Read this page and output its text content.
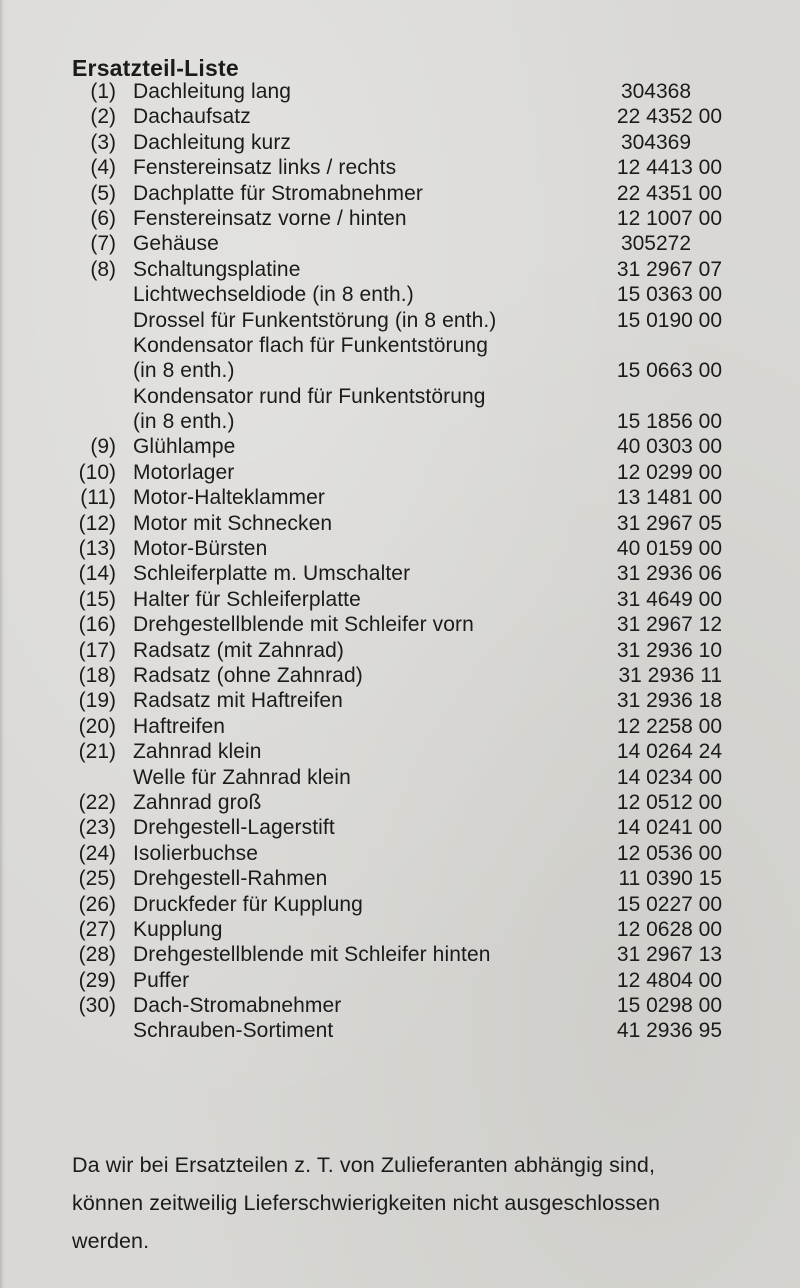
Ersatzteil-Liste
(1) Dachleitung lang	304368
(2) Dachaufsatz	22 4352 00
(3) Dachleitung kurz	304369
(4) Fenstereinsatz links / rechts	12 4413 00
(5) Dachplatte für Stromabnehmer	22 4351 00
(6) Fenstereinsatz vorne / hinten	12 1007 00
(7) Gehäuse	305272
(8) Schaltungsplatine	31 2967 07
Lichtwechseldiode (in 8 enth.)	15 0363 00
Drossel für Funkentstörung (in 8 enth.)	15 0190 00
Kondensator flach für Funkentstörung
(in 8 enth.)	15 0663 00
Kondensator rund für Funkentstörung
(in 8 enth.)	15 1856 00
(9) Glühlampe	40 0303 00
(10) Motorlager	12 0299 00
(11) Motor-Halteklammer	13 1481 00
(12) Motor mit Schnecken	31 2967 05
(13) Motor-Bürsten	40 0159 00
(14) Schleiferplatte m. Umschalter	31 2936 06
(15) Halter für Schleiferplatte	31 4649 00
(16) Drehgestellblende mit Schleifer vorn	31 2967 12
(17) Radsatz (mit Zahnrad)	31 2936 10
(18) Radsatz (ohne Zahnrad)	31 2936 11
(19) Radsatz mit Haftreifen	31 2936 18
(20) Haftreifen	12 2258 00
(21) Zahnrad klein	14 0264 24
Welle für Zahnrad klein	14 0234 00
(22) Zahnrad groß	12 0512 00
(23) Drehgestell-Lagerstift	14 0241 00
(24) Isolierbuchse	12 0536 00
(25) Drehgestell-Rahmen	11 0390 15
(26) Druckfeder für Kupplung	15 0227 00
(27) Kupplung	12 0628 00
(28) Drehgestellblende mit Schleifer hinten	31 2967 13
(29) Puffer	12 4804 00
(30) Dach-Stromabnehmer	15 0298 00
Schrauben-Sortiment	41 2936 95
Da wir bei Ersatzteilen z. T. von Zulieferanten abhängig sind,
können zeitweilig Lieferschwierigkeiten nicht ausgeschlossen
werden.
